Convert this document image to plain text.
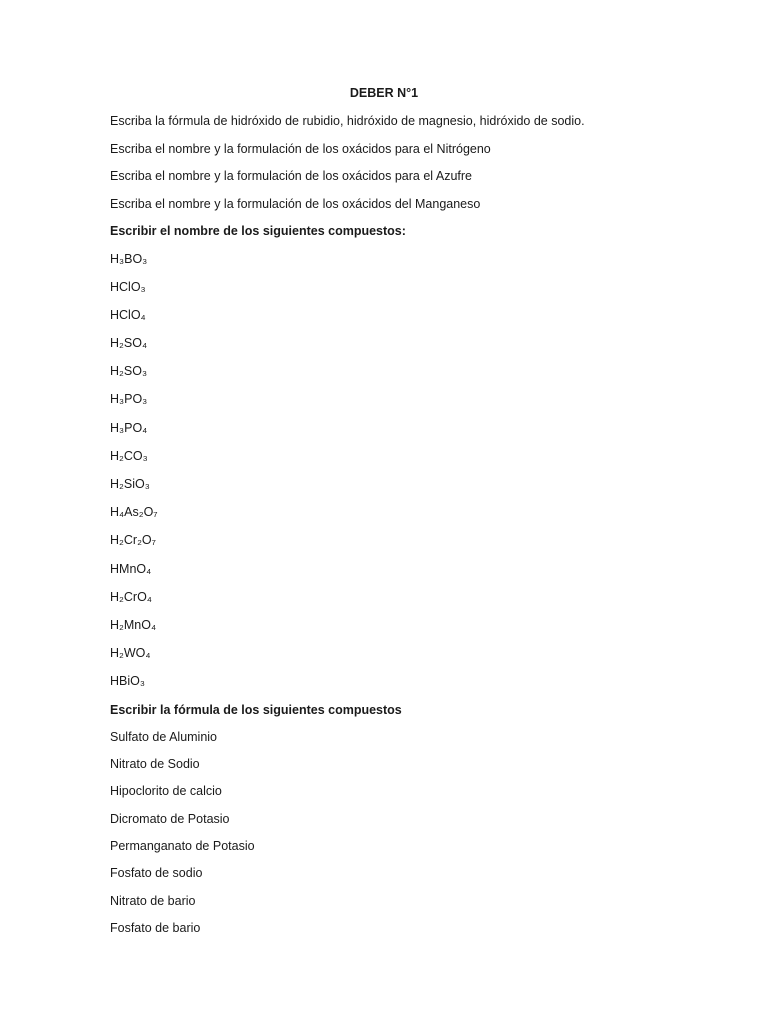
DEBER N°1
Escriba la fórmula de hidróxido de rubidio, hidróxido de magnesio, hidróxido de sodio.
Escriba el nombre y la formulación de los oxácidos para el Nitrógeno
Escriba el nombre y la formulación de los oxácidos para el Azufre
Escriba el nombre y la formulación de los oxácidos del Manganeso
Escribir el nombre de los siguientes compuestos:
H₃BO₃
HClO₃
HClO₄
H₂SO₄
H₂SO₃
H₃PO₃
H₃PO₄
H₂CO₃
H₂SiO₃
H₄As₂O₇
H₂Cr₂O₇
HMnO₄
H₂CrO₄
H₂MnO₄
H₂WO₄
HBiO₃
Escribir la fórmula de los siguientes compuestos
Sulfato de Aluminio
Nitrato de Sodio
Hipoclorito de calcio
Dicromato de Potasio
Permanganato de Potasio
Fosfato de sodio
Nitrato de bario
Fosfato de bario
